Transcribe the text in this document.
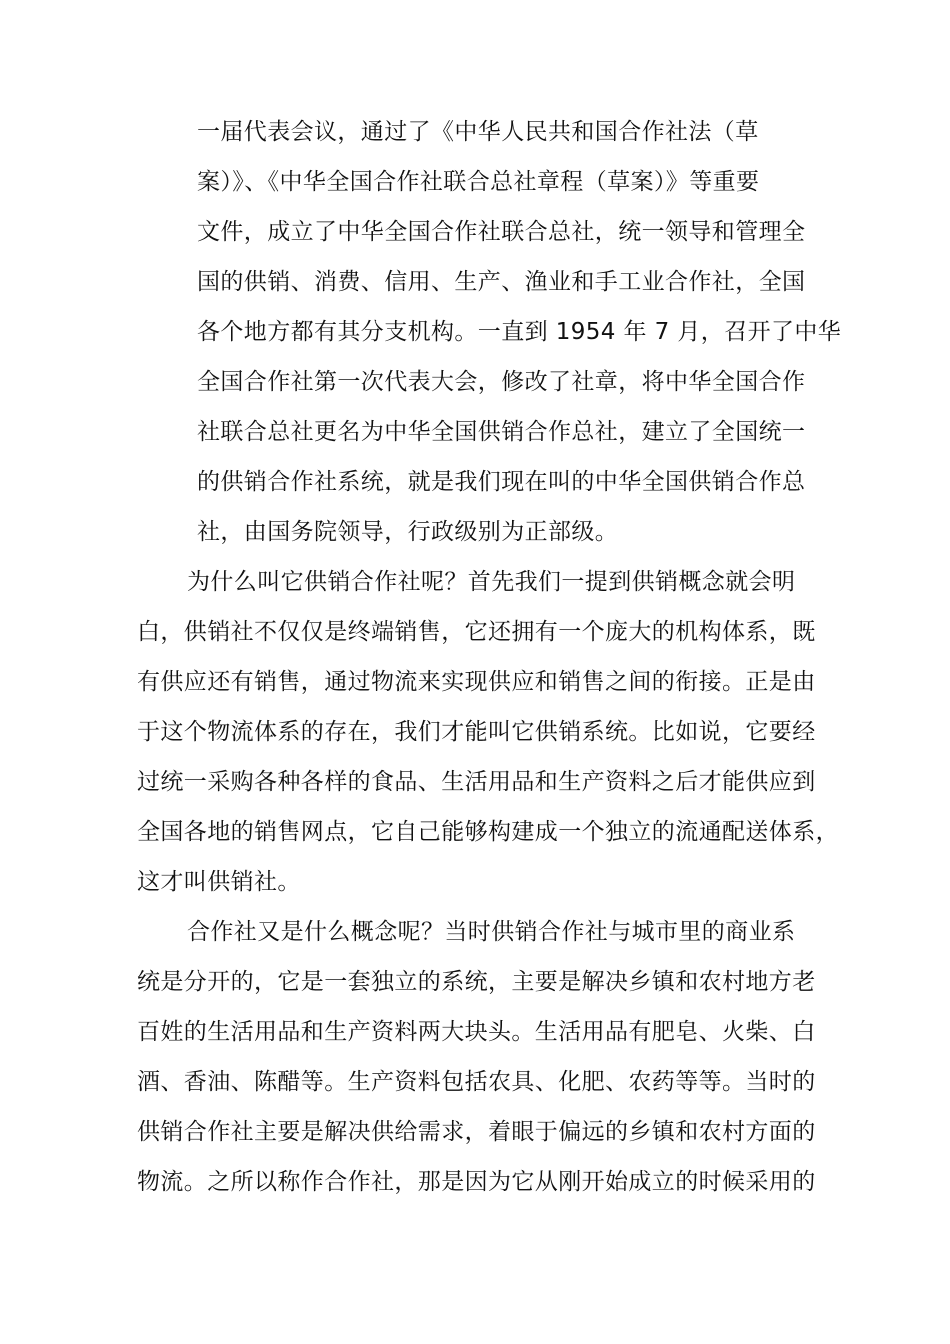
一届代表会议，通过了《中华人民共和国合作社法（草
案）》、《中华全国合作社联合总社章程（草案）》等重要
文件，成立了中华全国合作社联合总社，统一领导和管理全
国的供销、消费、信用、生产、渔业和手工业合作社，全国
各个地方都有其分支机构。一直到 1954 年 7 月，召开了中华
全国合作社第一次代表大会，修改了社章，将中华全国合作
社联合总社更名为中华全国供销合作总社，建立了全国统一
的供销合作社系统，就是我们现在叫的中华全国供销合作总
社，由国务院领导，行政级别为正部级。
为什么叫它供销合作社呢？首先我们一提到供销概念就会明
白，供销社不仅仅是终端销售，它还拥有一个庞大的机构体系，既
有供应还有销售，通过物流来实现供应和销售之间的衔接。正是由
于这个物流体系的存在，我们才能叫它供销系统。比如说，它要经
过统一采购各种各样的食品、生活用品和生产资料之后才能供应到
全国各地的销售网点，它自己能够构建成一个独立的流通配送体系，
这才叫供销社。
合作社又是什么概念呢？当时供销合作社与城市里的商业系
统是分开的，它是一套独立的系统，主要是解决乡镇和农村地方老
百姓的生活用品和生产资料两大块头。生活用品有肥皂、火柴、白
酒、香油、陈醋等。生产资料包括农具、化肥、农药等等。当时的
供销合作社主要是解决供给需求，着眼于偏远的乡镇和农村方面的
物流。之所以称作合作社，那是因为它从刚开始成立的时候采用的
